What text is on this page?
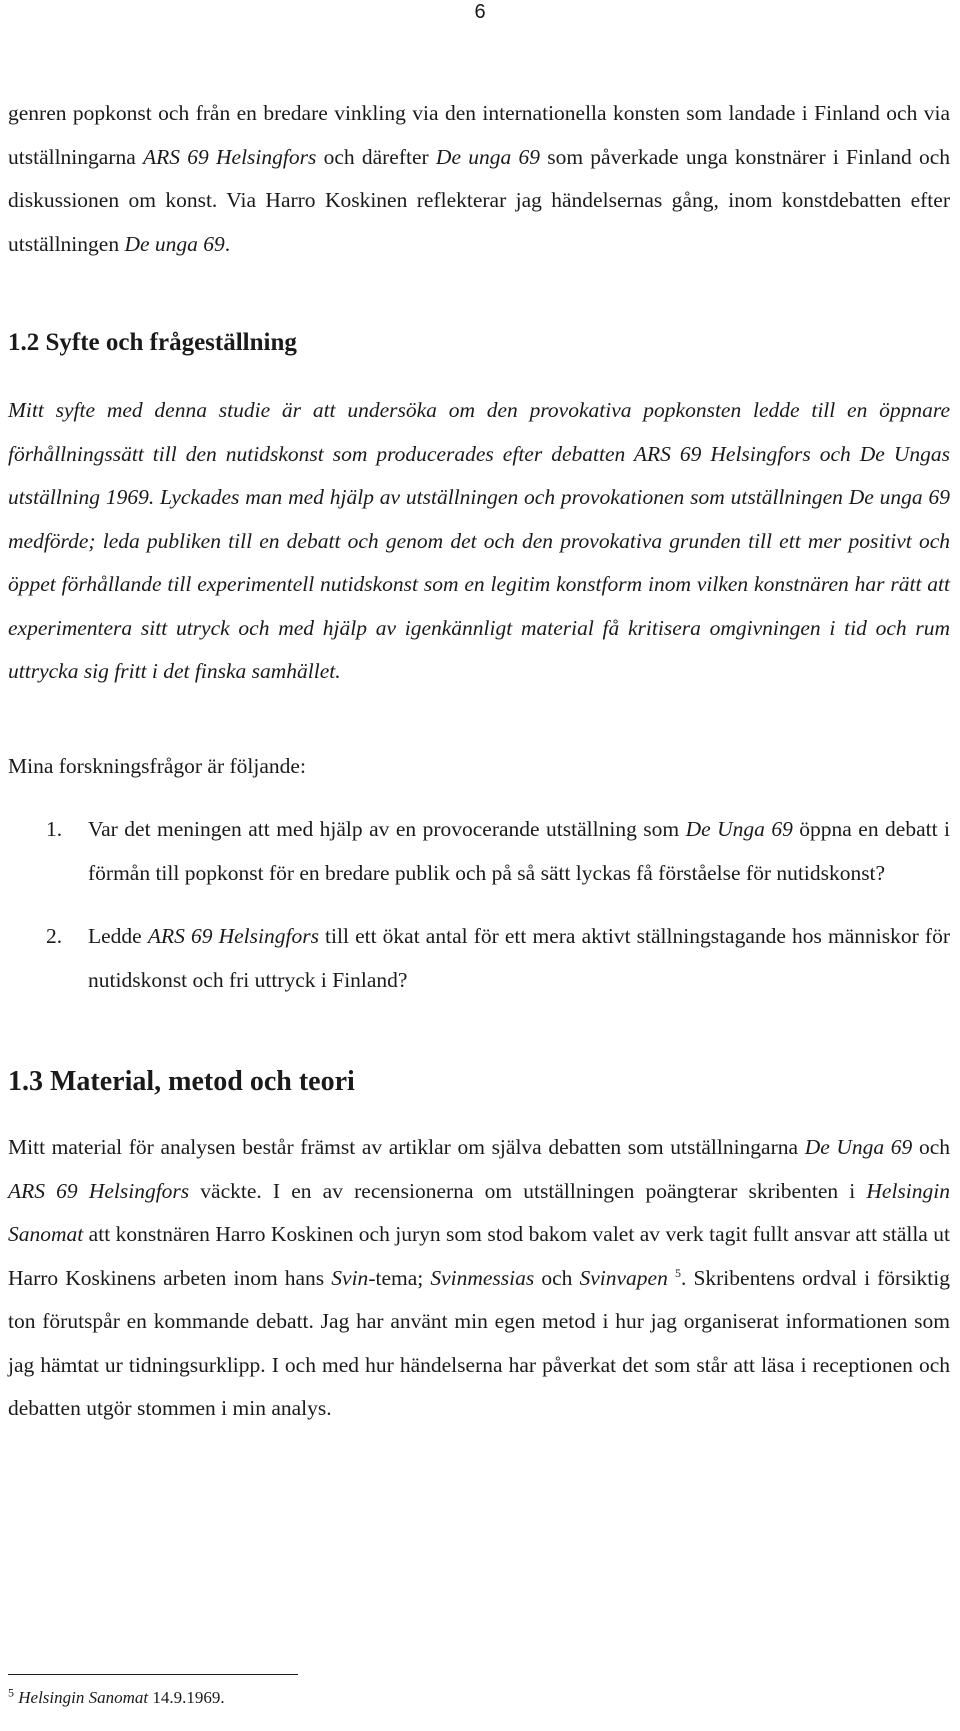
6

genren popkonst och från en bredare vinkling via den internationella konsten som landade i Finland och via utställningarna ARS 69 Helsingfors och därefter De unga 69 som påverkade unga konstnärer i Finland och diskussionen om konst. Via Harro Koskinen reflekterar jag händelsernas gång, inom konstdebatten efter utställningen De unga 69.

1.2 Syfte och frågeställning

Mitt syfte med denna studie är att undersöka om den provokativa popkonsten ledde till en öppnare förhållningssätt till den nutidskonst som producerades efter debatten ARS 69 Helsingfors och De Ungas utställning 1969. Lyckades man med hjälp av utställningen och provokationen som utställningen De unga 69 medförde; leda publiken till en debatt och genom det och den provokativa grunden till ett mer positivt och öppet förhållande till experimentell nutidskonst som en legitim konstform inom vilken konstnären har rätt att experimentera sitt utryck och med hjälp av igenkännligt material få kritisera omgivningen i tid och rum uttrycka sig fritt i det finska samhället.

Mina forskningsfrågor är följande:

1. Var det meningen att med hjälp av en provocerande utställning som De Unga 69 öppna en debatt i förmån till popkonst för en bredare publik och på så sätt lyckas få förståelse för nutidskonst?
2. Ledde ARS 69 Helsingfors till ett ökat antal för ett mera aktivt ställningstagande hos människor för nutidskonst och fri uttryck i Finland?
1.3 Material, metod och teori

Mitt material för analysen består främst av artiklar om själva debatten som utställningarna De Unga 69 och ARS 69 Helsingfors väckte. I en av recensionerna om utställningen poängterar skribenten i Helsingin Sanomat att konstnären Harro Koskinen och juryn som stod bakom valet av verk tagit fullt ansvar att ställa ut Harro Koskinens arbeten inom hans Svin-tema; Svinmessias och Svinvapen $^5$. Skribentens ordval i försiktig ton förutspår en kommande debatt. Jag har använt min egen metod i hur jag organiserat informationen som jag hämtat ur tidningsurklipp. I och med hur händelserna har påverkat det som står att läsa i receptionen och debatten utgör stommen i min analys.

$^5$ Helsingin Sanomat 14.9.1969.
